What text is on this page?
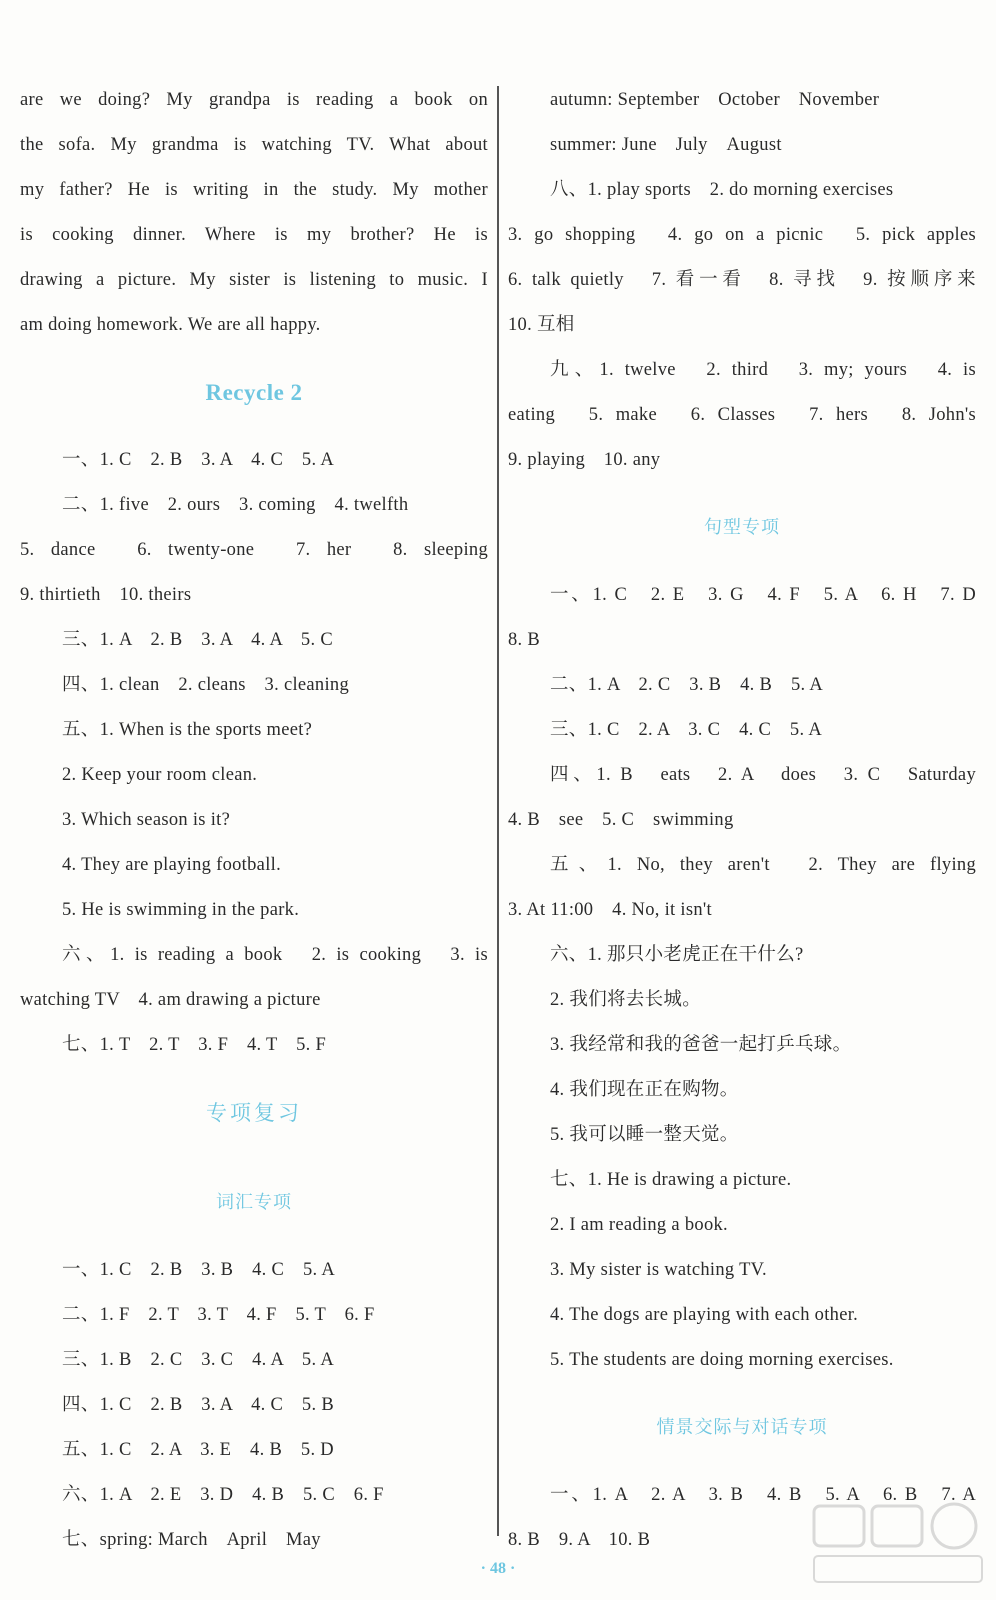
are we doing? My grandpa is reading a book on
the sofa. My grandma is watching TV. What about
my father? He is writing in the study. My mother
is cooking dinner. Where is my brother? He is
drawing a picture. My sister is listening to music. I
am doing homework. We are all happy.
Recycle 2
一、1. C　2. B　3. A　4. C　5. A
二、1. five　2. ours　3. coming　4. twelfth
5. dance　6. twenty-one　7. her　8. sleeping
9. thirtieth　10. theirs
三、1. A　2. B　3. A　4. A　5. C
四、1. clean　2. cleans　3. cleaning
五、1. When is the sports meet?
2. Keep your room clean.
3. Which season is it?
4. They are playing football.
5. He is swimming in the park.
六、1. is reading a book　2. is cooking　3. is
watching TV　4. am drawing a picture
七、1. T　2. T　3. F　4. T　5. F
专项复习
词汇专项
一、1. C　2. B　3. B　4. C　5. A
二、1. F　2. T　3. T　4. F　5. T　6. F
三、1. B　2. C　3. C　4. A　5. A
四、1. C　2. B　3. A　4. C　5. B
五、1. C　2. A　3. E　4. B　5. D
六、1. A　2. E　3. D　4. B　5. C　6. F
七、spring: March　April　May
autumn: September　October　November
summer: June　July　August
八、1. play sports　2. do morning exercises
3. go shopping　4. go on a picnic　5. pick apples
6. talk quietly　7. 看一看　8. 寻找　9. 按顺序来
10. 互相
九、1. twelve　2. third　3. my; yours　4. is
eating　5. make　6. Classes　7. hers　8. John's
9. playing　10. any
句型专项
一、1. C　2. E　3. G　4. F　5. A　6. H　7. D
8. B
二、1. A　2. C　3. B　4. B　5. A
三、1. C　2. A　3. C　4. C　5. A
四、1. B　eats　2. A　does　3. C　Saturday
4. B　see　5. C　swimming
五、1. No, they aren't　2. They are flying
3. At 11:00　4. No, it isn't
六、1. 那只小老虎正在干什么?
2. 我们将去长城。
3. 我经常和我的爸爸一起打乒乓球。
4. 我们现在正在购物。
5. 我可以睡一整天觉。
七、1. He is drawing a picture.
2. I am reading a book.
3. My sister is watching TV.
4. The dogs are playing with each other.
5. The students are doing morning exercises.
情景交际与对话专项
一、1. A　2. A　3. B　4. B　5. A　6. B　7. A
8. B　9. A　10. B
· 48 ·
